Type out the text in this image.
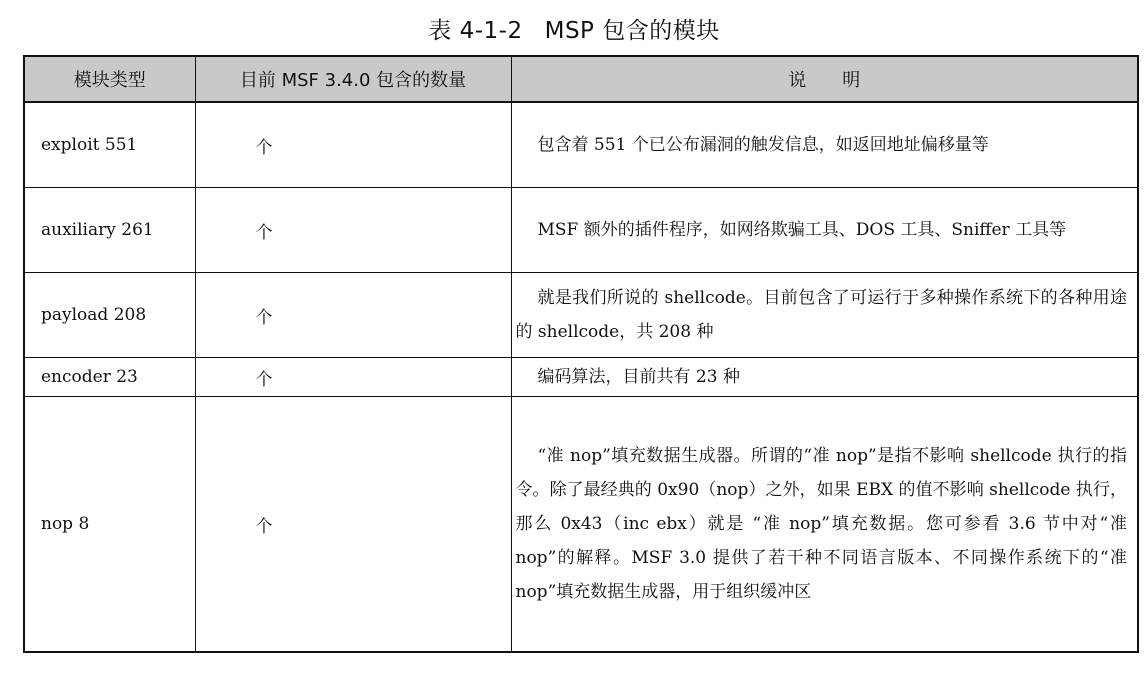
表 4-1-2 MSP 包含的模块
模块类型	目前 MSF 3.4.0 包含的数量	说　　明
exploit 551	个	包含着 551 个已公布漏洞的触发信息，如返回地址偏移量等
auxiliary 261	个	MSF 额外的插件程序，如网络欺骗工具、DOS 工具、Sniffer 工具等
payload 208	个	就是我们所说的 shellcode。目前包含了可运行于多种操作系统下的各种用途的 shellcode，共 208 种
encoder 23	个	编码算法，目前共有 23 种
nop 8	个	“准 nop”填充数据生成器。所谓的“准 nop”是指不影响 shellcode 执行的指令。除了最经典的 0x90（nop）之外，如果 EBX 的值不影响 shellcode 执行，那么 0x43（inc ebx）就是 “准 nop”填充数据。您可参看 3.6 节中对“准 nop”的解释。MSF 3.0 提供了若干种不同语言版本、不同操作系统下的“准 nop”填充数据生成器，用于组织缓冲区
